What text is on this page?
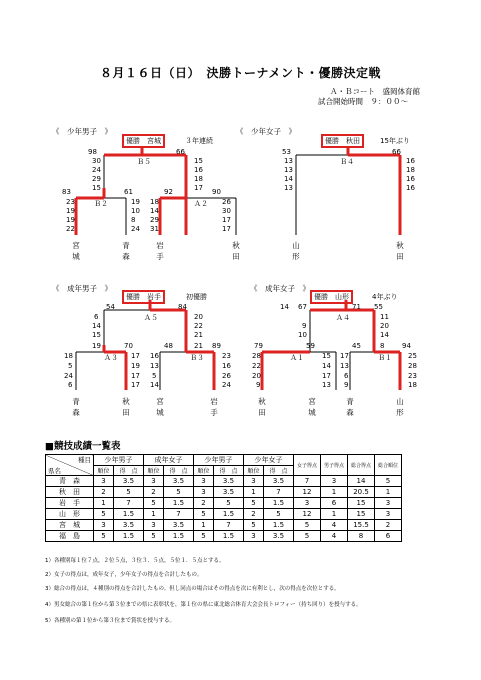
８月１６日（日）　決勝トーナメント・優勝決定戦
Ａ・Ｂコート　盛岡体育館
試合開始時間　９：００～
《　少年男子　》
優勝　宮城	３年連続
98	66
Ｂ５
30
24
29
15
15
16
18
17
83	61	92	90
Ｂ２	Ａ２
23
19
19
22
19
10
8
24
18
14
29
31
26
30
17
17
宮城
青森
岩手
秋田
《　少年女子　》
優勝　秋田	15年ぶり
53	66
Ｂ４
13
13
14
13
16
18
16
16
山形
秋田
《　成年男子　》
優勝　岩手	初優勝
54	84
Ａ５
6
14
15
19
20
22
21
21
70	48	89
Ａ３	Ｂ３
18
5
24
6
17
19
17
17
16
13
5
14
23
16
26
24
青森
秋田
宮城
岩手
《　成年女子　》
優勝　山形	4年ぶり
14 67	71 55
Ａ４
9
10
11
20
14
79	59	45	8	94
Ａ１	Ｂ１
28
22
20
9
15
14
17
13
17
13
6
9
25
28
23
18
秋田
宮城
青森
山形
■競技成績一覧表
種目
県名	少年男子		成年女子		少年男子		少年女子		女子得点	男子得点	総合得点	総合順位
	順位	得　点	順位	得　点	順位	得　点	順位	得　点				
青　森	3	3.5	3	3.5	3	3.5	3	3.5	7	3	14	5
秋　田	2	5	2	5	3	3.5	1	7	12	1	20.5	1
岩　手	1	7	5	1.5	2	5	5	1.5	3	6	15	3
山　形	5	1.5	1	7	5	1.5	2	5	12	1	15	3
宮　城	3	3.5	3	3.5	1	7	5	1.5	5	4	15.5	2
福　島	5	1.5	5	1.5	5	1.5	3	3.5	5	4	8	6
1）各種別毎１位７点，２位５点，３位３．５点，５位１．５点とする。
2）女子の得点は，成年女子，少年女子の得点を合計したもの。
3）総合の得点は，４種別の得点を合計したもの。但し同点の場合はその得点を次に有利とし，次の得点を次位とする。
4）男女総合の第１位から第３位までの県に表彰状を，第１位の県に東北総合体育大会会長トロフィー（持ち回り）を授与する。
5）各種別の第１位から第３位まで賞状を授与する。
